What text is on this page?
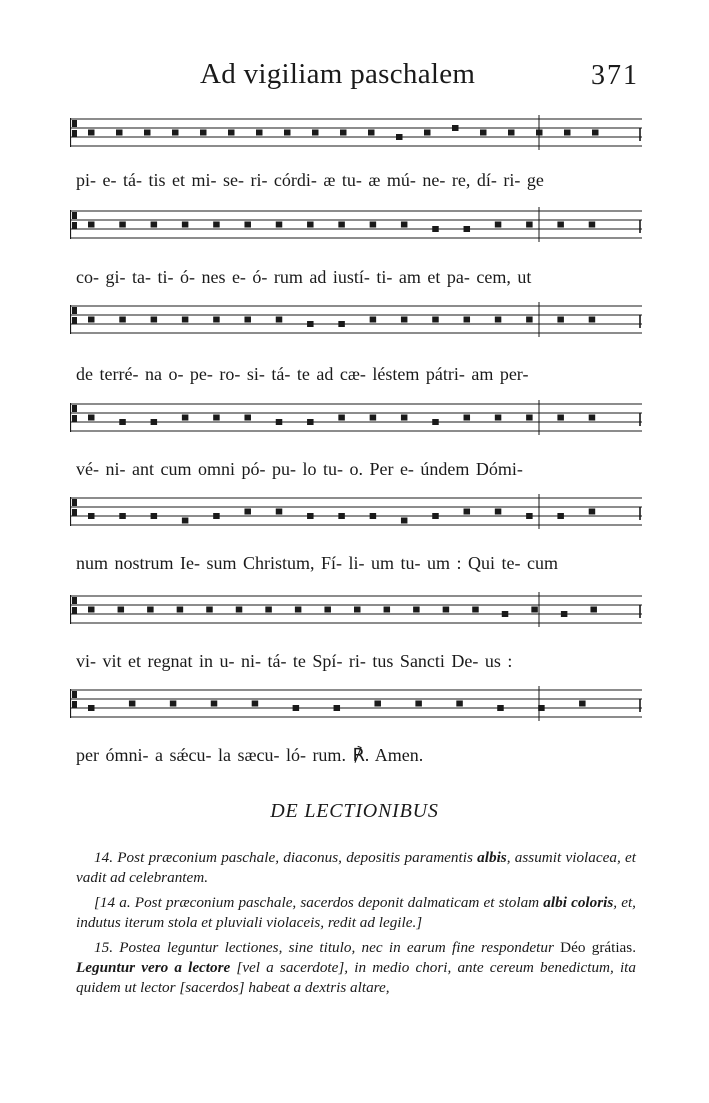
Ad vigiliam paschalem	371
pi- e- tá- tis et mi- se- ri- córdi- æ tu- æ mú- ne- re, dí- ri- ge
co- gi- ta- ti- ó- nes e- ó- rum ad iustí- ti- am et pa- cem, ut
de terré- na o- pe- ro- si- tá- te ad cæ- léstem pátri- am per-
vé- ni- ant cum omni pó- pu- lo tu- o. Per e- úndem Dómi-
num nostrum Ie- sum Christum, Fí- li- um tu- um : Qui te- cum
vi- vit et regnat in u- ni- tá- te Spí- ri- tus Sancti De- us :
per ómni- a sǽcu- la sæcu- ló- rum. ℟. Amen.
DE LECTIONIBUS
14. Post præconium paschale, diaconus, depositis paramentis albis, assumit violacea, et vadit ad celebrantem.
[14 a. Post præconium paschale, sacerdos deponit dalmaticam et stolam albi coloris, et, indutus iterum stola et pluviali violaceis, redit ad legile.]
15. Postea leguntur lectiones, sine titulo, nec in earum fine respondetur Déo grátias. Leguntur vero a lectore [vel a sacerdote], in medio chori, ante cereum benedictum, ita quidem ut lector [sacerdos] habeat a dextris altare,
